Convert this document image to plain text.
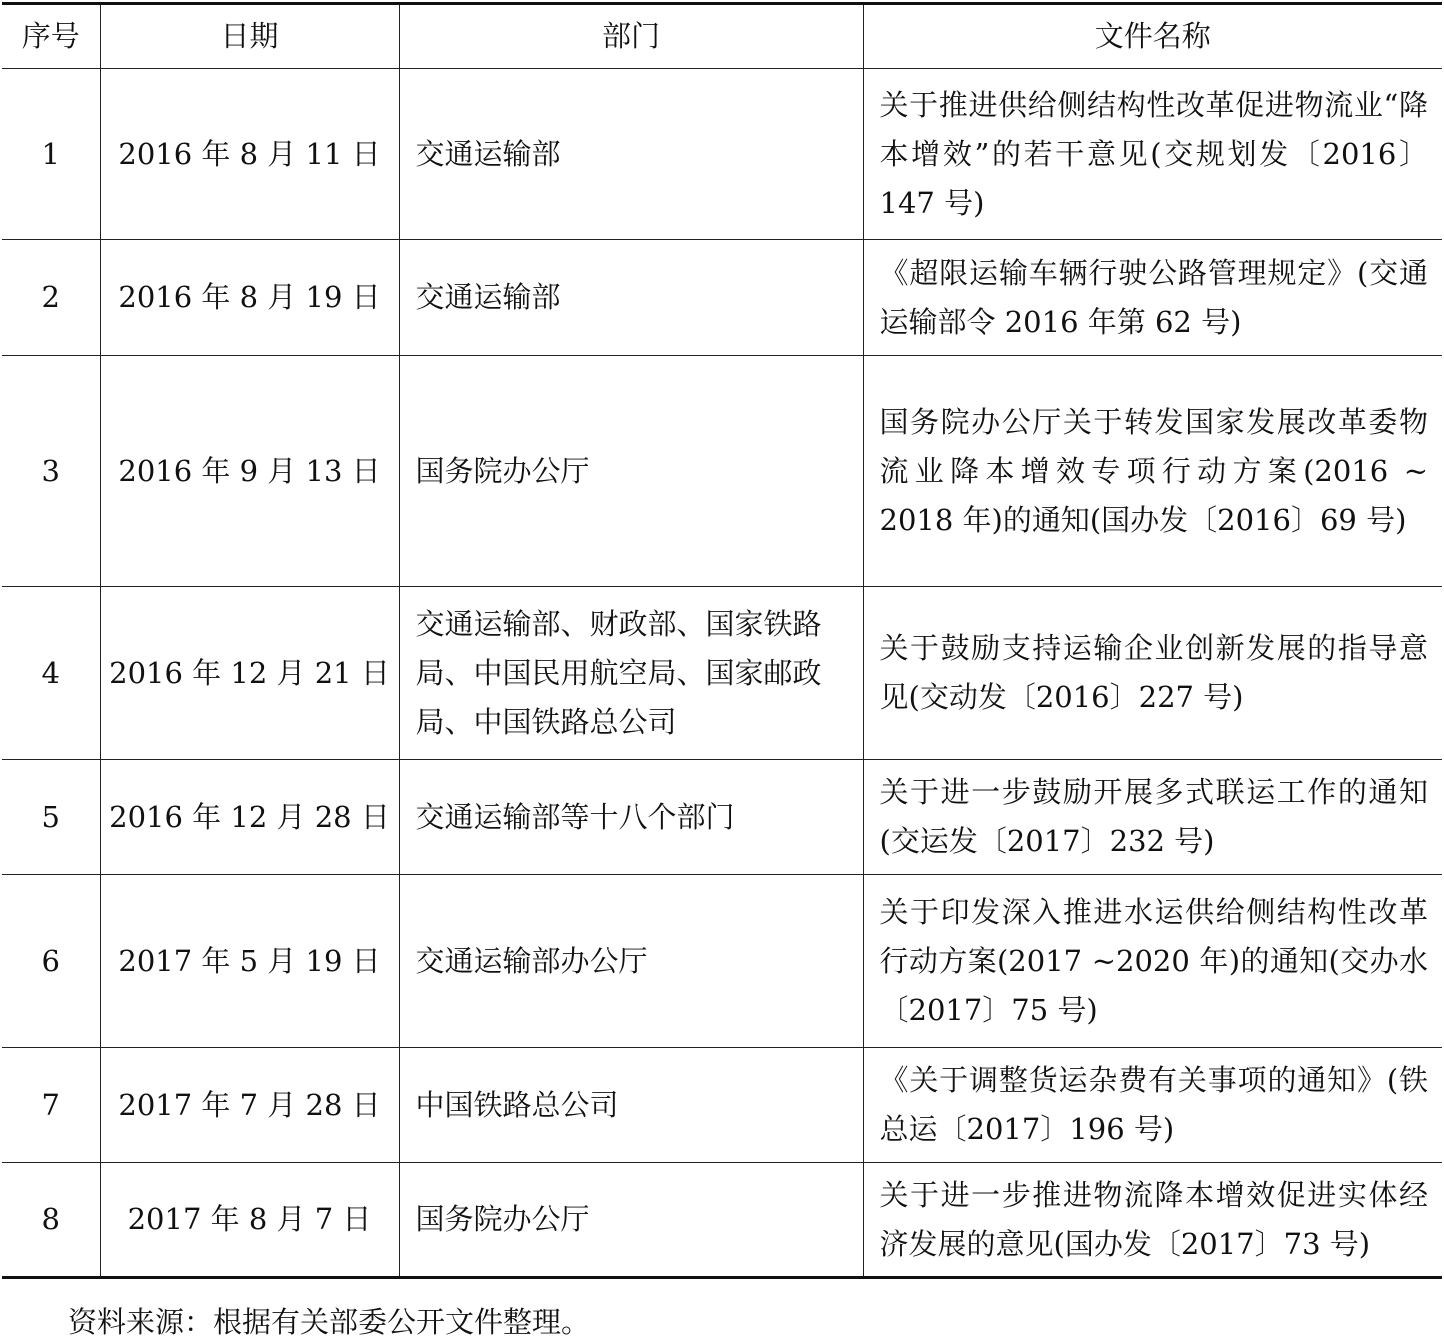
序号	日期	部门	文件名称
1	2016 年 8 月 11 日	交通运输部	关于推进供给侧结构性改革促进物流业“降本增效”的若干意见(交规划发〔2016〕147 号)
2	2016 年 8 月 19 日	交通运输部	《超限运输车辆行驶公路管理规定》(交通运输部令 2016 年第 62 号)
3	2016 年 9 月 13 日	国务院办公厅	国务院办公厅关于转发国家发展改革委物流业降本增效专项行动方案(2016 ~ 2018 年)的通知(国办发〔2016〕69 号)
4	2016 年 12 月 21 日	交通运输部、财政部、国家铁路局、中国民用航空局、国家邮政局、中国铁路总公司	关于鼓励支持运输企业创新发展的指导意见(交动发〔2016〕227 号)
5	2016 年 12 月 28 日	交通运输部等十八个部门	关于进一步鼓励开展多式联运工作的通知(交运发〔2017〕232 号)
6	2017 年 5 月 19 日	交通运输部办公厅	关于印发深入推进水运供给侧结构性改革行动方案(2017 ~2020 年)的通知(交办水〔2017〕75 号)
7	2017 年 7 月 28 日	中国铁路总公司	《关于调整货运杂费有关事项的通知》(铁总运〔2017〕196 号)
8	2017 年 8 月 7 日	国务院办公厅	关于进一步推进物流降本增效促进实体经济发展的意见(国办发〔2017〕73 号)
资料来源：根据有关部委公开文件整理。
